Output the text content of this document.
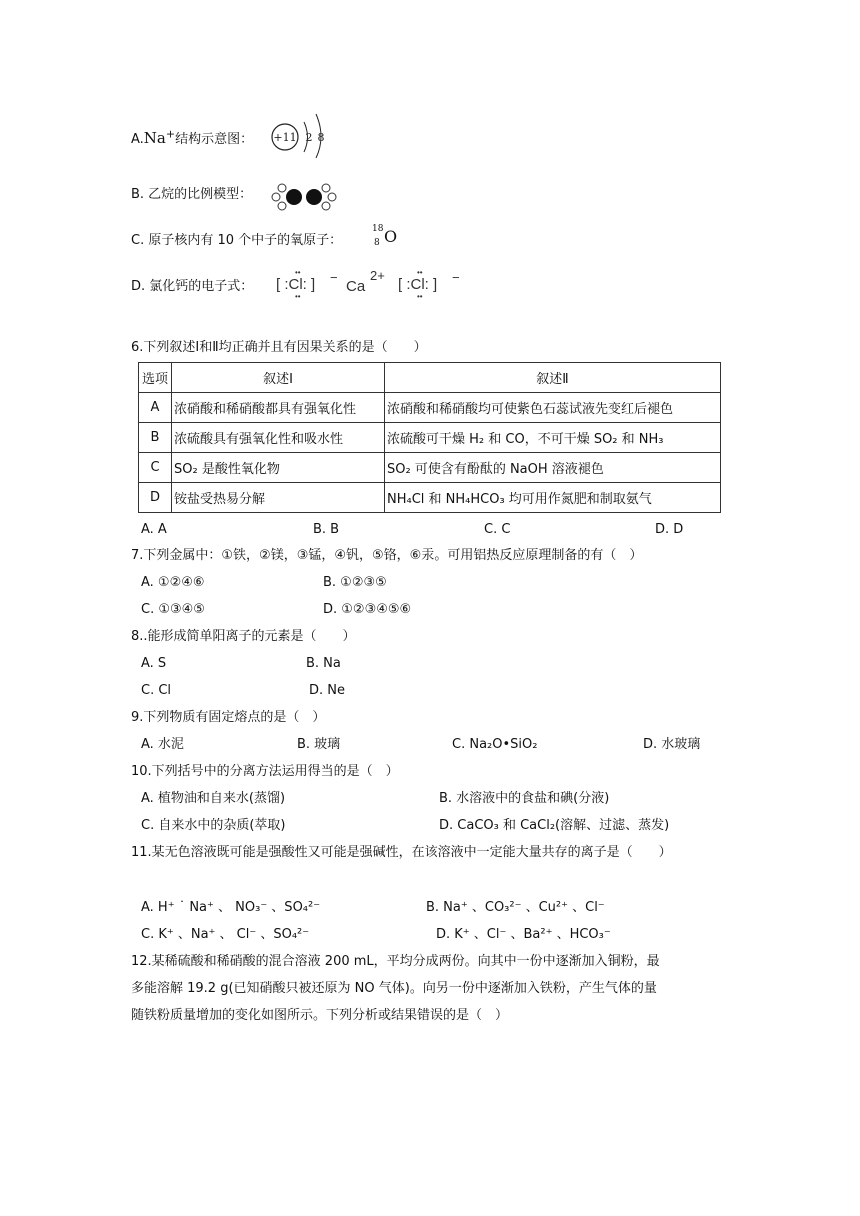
A.Na+结构示意图： +11 2 8
B. 乙烷的比例模型：
C. 原子核内有 10 个中子的氧原子：
18
8 O
D. 氯化钙的电子式： [ :Cl: ]
••
••
−
Ca
2+
[ :Cl: ]
••
••
−
6.下列叙述Ⅰ和Ⅱ均正确并且有因果关系的是（　　）
选项	叙述Ⅰ	叙述Ⅱ
A	浓硝酸和稀硝酸都具有强氧化性	浓硝酸和稀硝酸均可使紫色石蕊试液先变红后褪色
B	浓硫酸具有强氧化性和吸水性	浓硫酸可干燥 H₂ 和 CO，不可干燥 SO₂ 和 NH₃
C	SO₂ 是酸性氧化物	SO₂ 可使含有酚酞的 NaOH 溶液褪色
D	铵盐受热易分解	NH₄Cl 和 NH₄HCO₃ 均可用作氮肥和制取氨气
A. A	B. B	C. C	D. D
7.下列金属中：①铁，②镁，③锰，④钒，⑤铬，⑥汞。可用铝热反应原理制备的有（　）
A. ①②④⑥	B. ①②③⑤
C. ①③④⑤	D. ①②③④⑤⑥
8..能形成简单阳离子的元素是（　　）
A. S	B. Na
C. Cl	D. Ne
9.下列物质有固定熔点的是（　）
A. 水泥	B. 玻璃	C. Na₂O•SiO₂	D. 水玻璃
10.下列括号中的分离方法运用得当的是（　）
A. 植物油和自来水(蒸馏)	B. 水溶液中的食盐和碘(分液)
C. 自来水中的杂质(萃取)	D. CaCO₃ 和 CaCl₂(溶解、过滤、蒸发)
11.某无色溶液既可能是强酸性又可能是强碱性，在该溶液中一定能大量共存的离子是（　　）
A. H⁺ ˙ Na⁺ 、 NO₃⁻ 、SO₄²⁻	B. Na⁺ 、CO₃²⁻ 、Cu²⁺ 、Cl⁻
C. K⁺ 、Na⁺ 、 Cl⁻ 、SO₄²⁻	D. K⁺ 、Cl⁻ 、Ba²⁺ 、HCO₃⁻
12.某稀硫酸和稀硝酸的混合溶液 200 mL，平均分成两份。向其中一份中逐渐加入铜粉，最
多能溶解 19.2 g(已知硝酸只被还原为 NO 气体)。向另一份中逐渐加入铁粉，产生气体的量
随铁粉质量增加的变化如图所示。下列分析或结果错误的是（　）
